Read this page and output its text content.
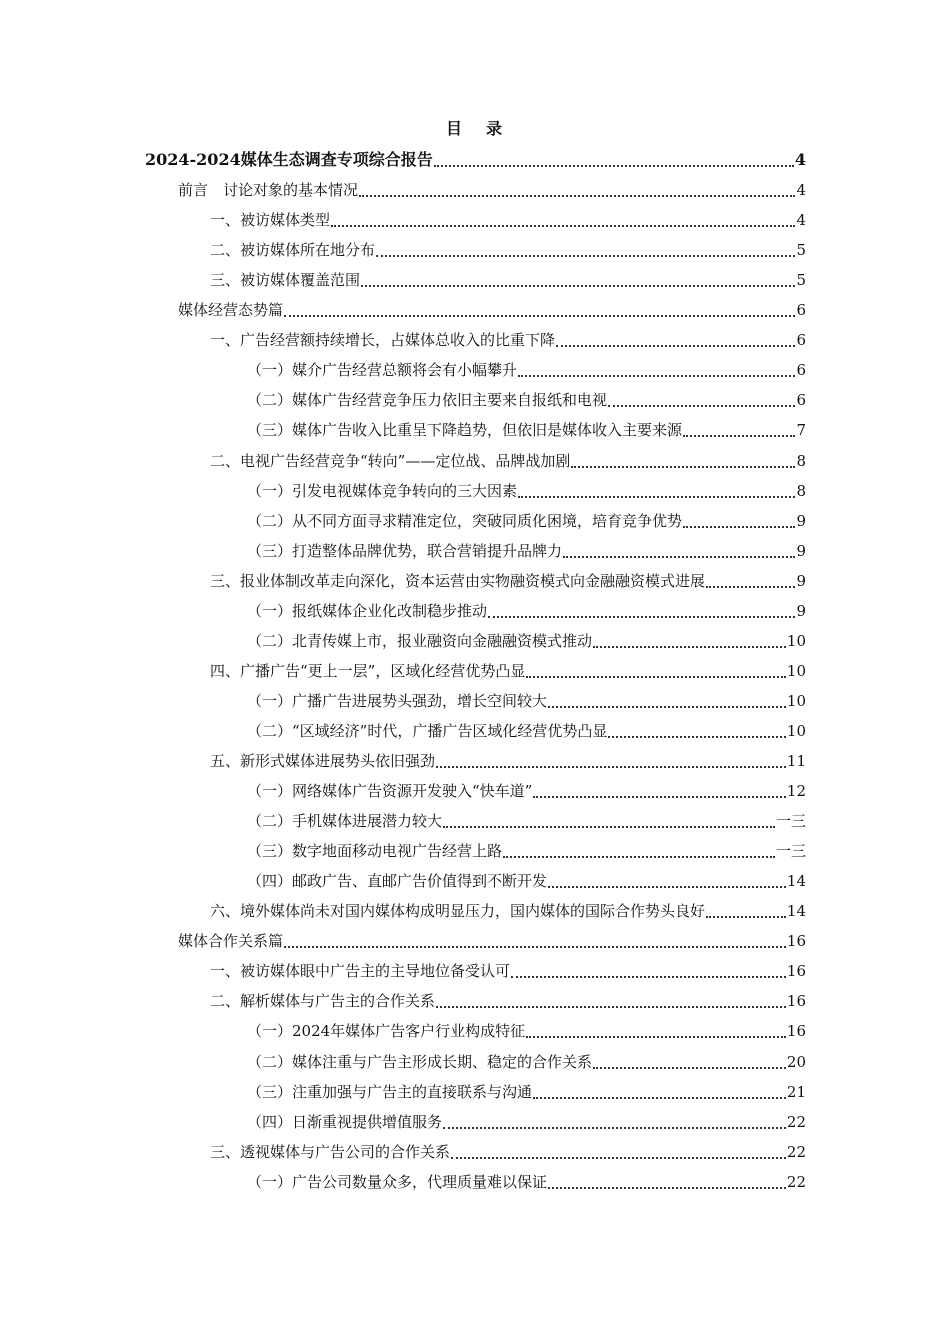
目 录
2024-2024媒体生态调查专项综合报告	4
前言　讨论对象的基本情况	4
一、被访媒体类型	4
二、被访媒体所在地分布	5
三、被访媒体覆盖范围	5
媒体经营态势篇	6
一、广告经营额持续增长，占媒体总收入的比重下降	6
（一）媒介广告经营总额将会有小幅攀升	6
（二）媒体广告经营竞争压力依旧主要来自报纸和电视	6
（三）媒体广告收入比重呈下降趋势，但依旧是媒体收入主要来源	7
二、电视广告经营竞争“转向”——定位战、品牌战加剧	8
（一）引发电视媒体竞争转向的三大因素	8
（二）从不同方面寻求精准定位，突破同质化困境，培育竞争优势	9
（三）打造整体品牌优势，联合营销提升品牌力	9
三、报业体制改革走向深化，资本运营由实物融资模式向金融融资模式进展	9
（一）报纸媒体企业化改制稳步推动	9
（二）北青传媒上市，报业融资向金融融资模式推动	10
四、广播广告“更上一层”，区域化经营优势凸显	10
（一）广播广告进展势头强劲，增长空间较大	10
（二）“区域经济”时代，广播广告区域化经营优势凸显	10
五、新形式媒体进展势头依旧强劲	11
（一）网络媒体广告资源开发驶入“快车道”	12
（二）手机媒体进展潜力较大	一三
（三）数字地面移动电视广告经营上路	一三
（四）邮政广告、直邮广告价值得到不断开发	14
六、境外媒体尚未对国内媒体构成明显压力，国内媒体的国际合作势头良好	14
媒体合作关系篇	16
一、被访媒体眼中广告主的主导地位备受认可	16
二、解析媒体与广告主的合作关系	16
（一）2024年媒体广告客户行业构成特征	16
（二）媒体注重与广告主形成长期、稳定的合作关系	20
（三）注重加强与广告主的直接联系与沟通	21
（四）日渐重视提供增值服务	22
三、透视媒体与广告公司的合作关系	22
（一）广告公司数量众多，代理质量难以保证	22
